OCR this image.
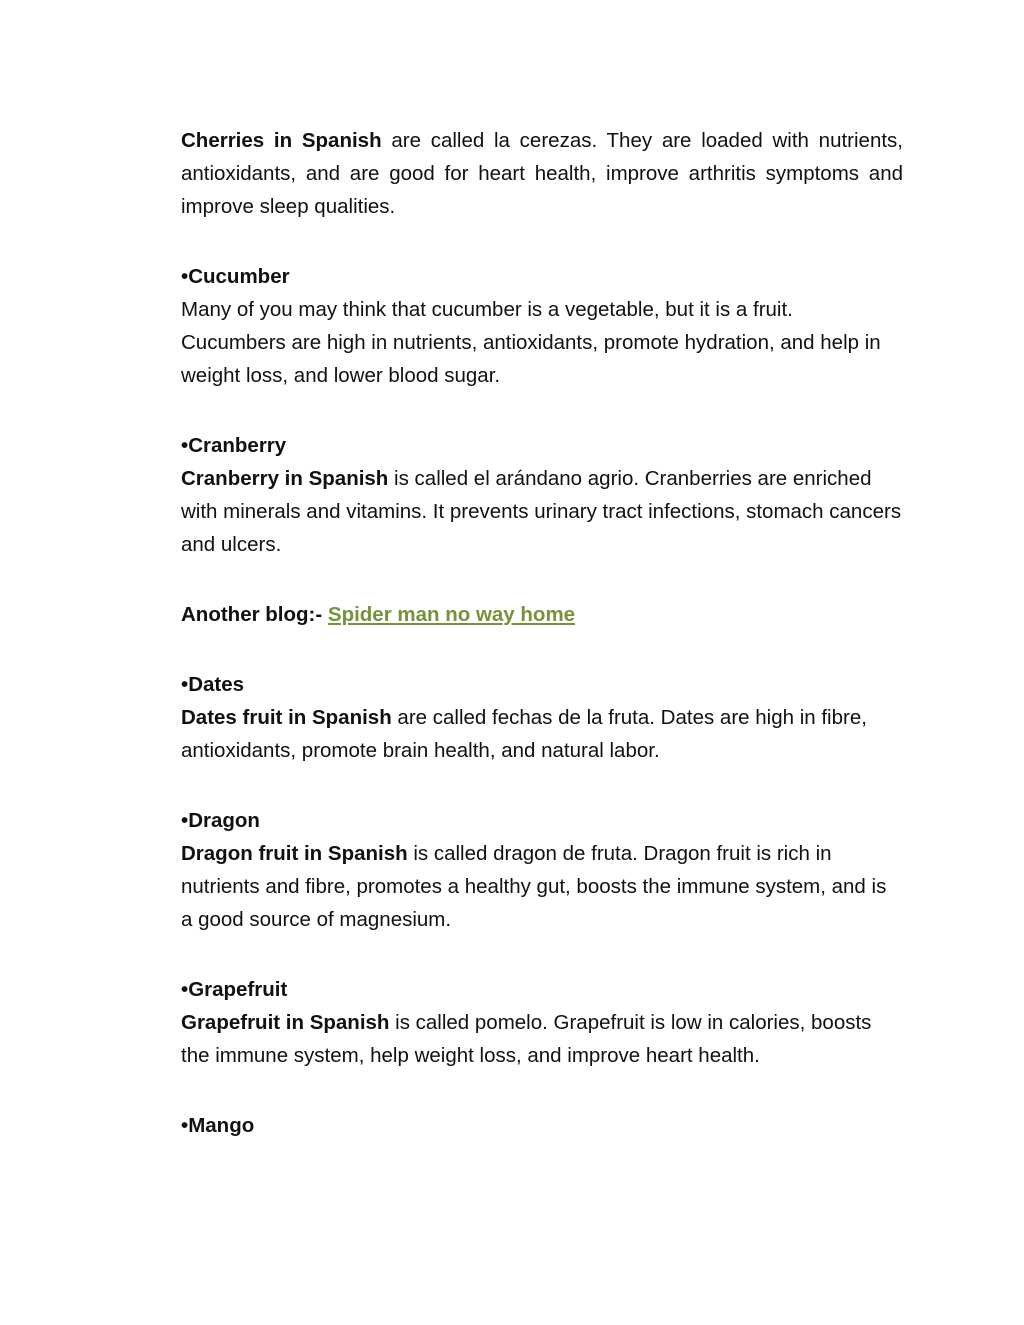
Cherries in Spanish are called la cerezas. They are loaded with nutrients, antioxidants, and are good for heart health, improve arthritis symptoms and improve sleep qualities.

•Cucumber

Many of you may think that cucumber is a vegetable, but it is a fruit. Cucumbers are high in nutrients, antioxidants, promote hydration, and help in weight loss, and lower blood sugar.

•Cranberry

Cranberry in Spanish is called el arándano agrio. Cranberries are enriched with minerals and vitamins. It prevents urinary tract infections, stomach cancers and ulcers.

Another blog:- Spider man no way home

•Dates

Dates fruit in Spanish are called fechas de la fruta. Dates are high in fibre, antioxidants, promote brain health, and natural labor.

•Dragon

Dragon fruit in Spanish is called dragon de fruta. Dragon fruit is rich in nutrients and fibre, promotes a healthy gut, boosts the immune system, and is a good source of magnesium.

•Grapefruit

Grapefruit in Spanish is called pomelo. Grapefruit is low in calories, boosts the immune system, help weight loss, and improve heart health.

•Mango
